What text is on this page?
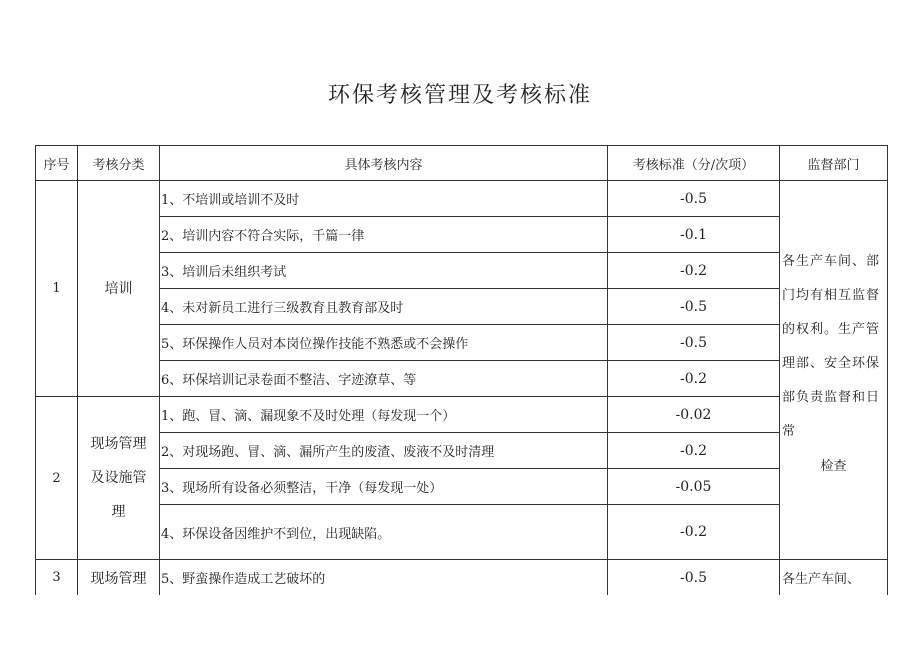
环保考核管理及考核标准
序号	考核分类	具体考核内容	考核标准（分/次项）	监督部门
1	培训	1、不培训或培训不及时	-0.5	各生产车间、部门均有相互监督的权利。生产管理部、安全环保部负责监督和日常
检查

		2、培训内容不符合实际，千篇一律	-0.1	
		3、培训后未组织考试	-0.2	
		4、未对新员工进行三级教育且教育部及时	-0.5	
		5、环保操作人员对本岗位操作技能不熟悉或不会操作	-0.5	
		6、环保培训记录卷面不整洁、字迹潦草、等	-0.2	
2	现场管理及设施管理	1、跑、冒、滴、漏现象不及时处理（每发现一个）	-0.02	
		2、对现场跑、冒、滴、漏所产生的废渣、废液不及时清理	-0.2	
		3、现场所有设备必须整洁，干净（每发现一处）	-0.05	
		4、环保设备因维护不到位，出现缺陷。	-0.2	
3	现场管理	5、野蛮操作造成工艺破坏的	-0.5	各生产车间、
